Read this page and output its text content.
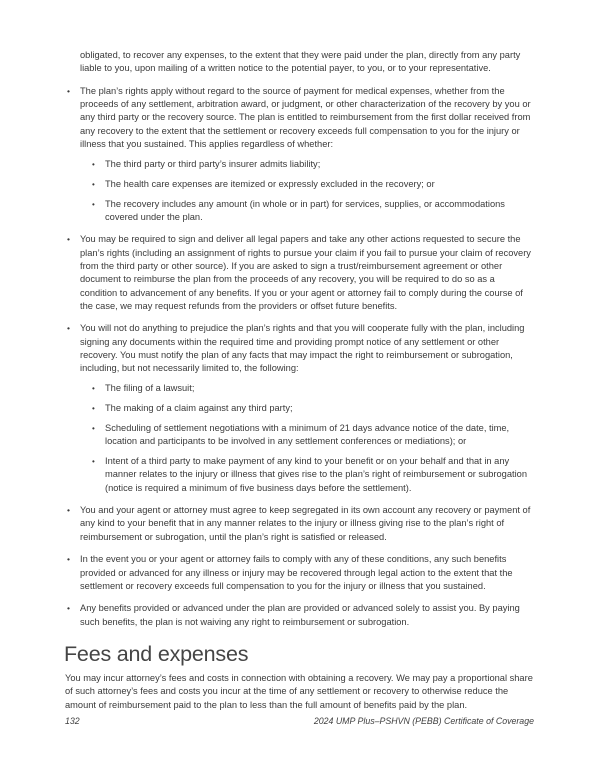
obligated, to recover any expenses, to the extent that they were paid under the plan, directly from any party liable to you, upon mailing of a written notice to the potential payer, to you, or to your representative.

•	The plan’s rights apply without regard to the source of payment for medical expenses, whether from the proceeds of any settlement, arbitration award, or judgment, or other characterization of the recovery by you or any third party or the recovery source. The plan is entitled to reimbursement from the first dollar received from any recovery to the extent that the settlement or recovery exceeds full compensation to you for the injury or illness that you sustained. This applies regardless of whether:

•	The third party or third party’s insurer admits liability;

•	The health care expenses are itemized or expressly excluded in the recovery; or

•	The recovery includes any amount (in whole or in part) for services, supplies, or accommodations covered under the plan.

•	You may be required to sign and deliver all legal papers and take any other actions requested to secure the plan’s rights (including an assignment of rights to pursue your claim if you fail to pursue your claim of recovery from the third party or other source). If you are asked to sign a trust/reimbursement agreement or other document to reimburse the plan from the proceeds of any recovery, you will be required to do so as a condition to advancement of any benefits. If you or your agent or attorney fail to comply during the course of the case, we may request refunds from the providers or offset future benefits.

•	You will not do anything to prejudice the plan’s rights and that you will cooperate fully with the plan, including signing any documents within the required time and providing prompt notice of any settlement or other recovery. You must notify the plan of any facts that may impact the right to reimbursement or subrogation, including, but not necessarily limited to, the following:

•	The filing of a lawsuit;

•	The making of a claim against any third party;

•	Scheduling of settlement negotiations with a minimum of 21 days advance notice of the date, time, location and participants to be involved in any settlement conferences or mediations); or

•	Intent of a third party to make payment of any kind to your benefit or on your behalf and that in any manner relates to the injury or illness that gives rise to the plan’s right of reimbursement or subrogation (notice is required a minimum of five business days before the settlement).

•	You and your agent or attorney must agree to keep segregated in its own account any recovery or payment of any kind to your benefit that in any manner relates to the injury or illness giving rise to the plan’s right of reimbursement or subrogation, until the plan’s right is satisfied or released.

•	In the event you or your agent or attorney fails to comply with any of these conditions, any such benefits provided or advanced for any illness or injury may be recovered through legal action to the extent that the settlement or recovery exceeds full compensation to you for the injury or illness that you sustained.

•	Any benefits provided or advanced under the plan are provided or advanced solely to assist you. By paying such benefits, the plan is not waiving any right to reimbursement or subrogation.

Fees and expenses

You may incur attorney’s fees and costs in connection with obtaining a recovery. We may pay a proportional share of such attorney’s fees and costs you incur at the time of any settlement or recovery to otherwise reduce the amount of reimbursement paid to the plan to less than the full amount of benefits paid by the plan.

132	2024 UMP Plus–PSHVN (PEBB) Certificate of Coverage
